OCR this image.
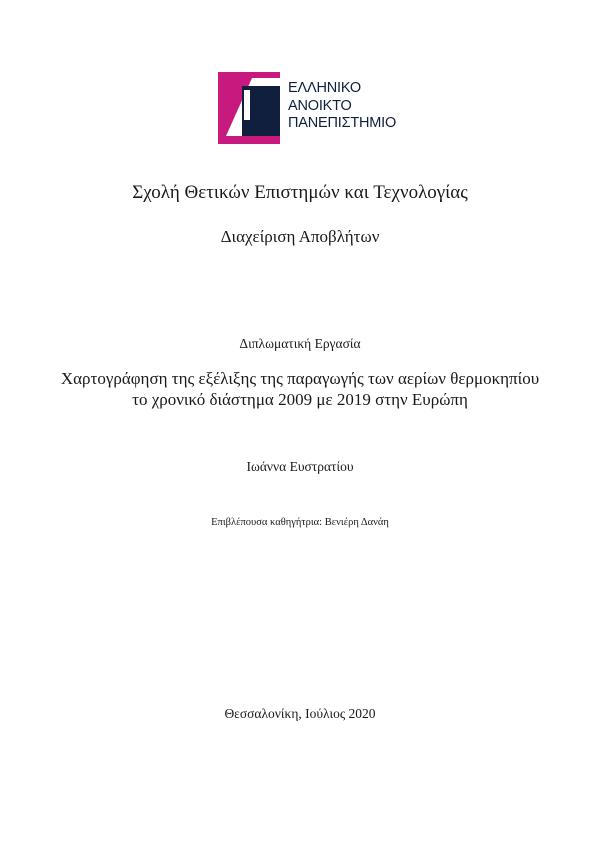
ΕΛΛΗΝΙΚΟ
ΑΝΟΙΚΤΟ
ΠΑΝΕΠΙΣΤΗΜΙΟ
Σχολή Θετικών Επιστημών και Τεχνολογίας
Διαχείριση Αποβλήτων
Διπλωματική Εργασία
Χαρτογράφηση της εξέλιξης της παραγωγής των αερίων θερμοκηπίου το χρονικό διάστημα 2009 με 2019 στην Ευρώπη
Ιωάννα Ευστρατίου
Επιβλέπουσα καθηγήτρια: Βενιέρη Δανάη
Θεσσαλονίκη, Ιούλιος 2020
